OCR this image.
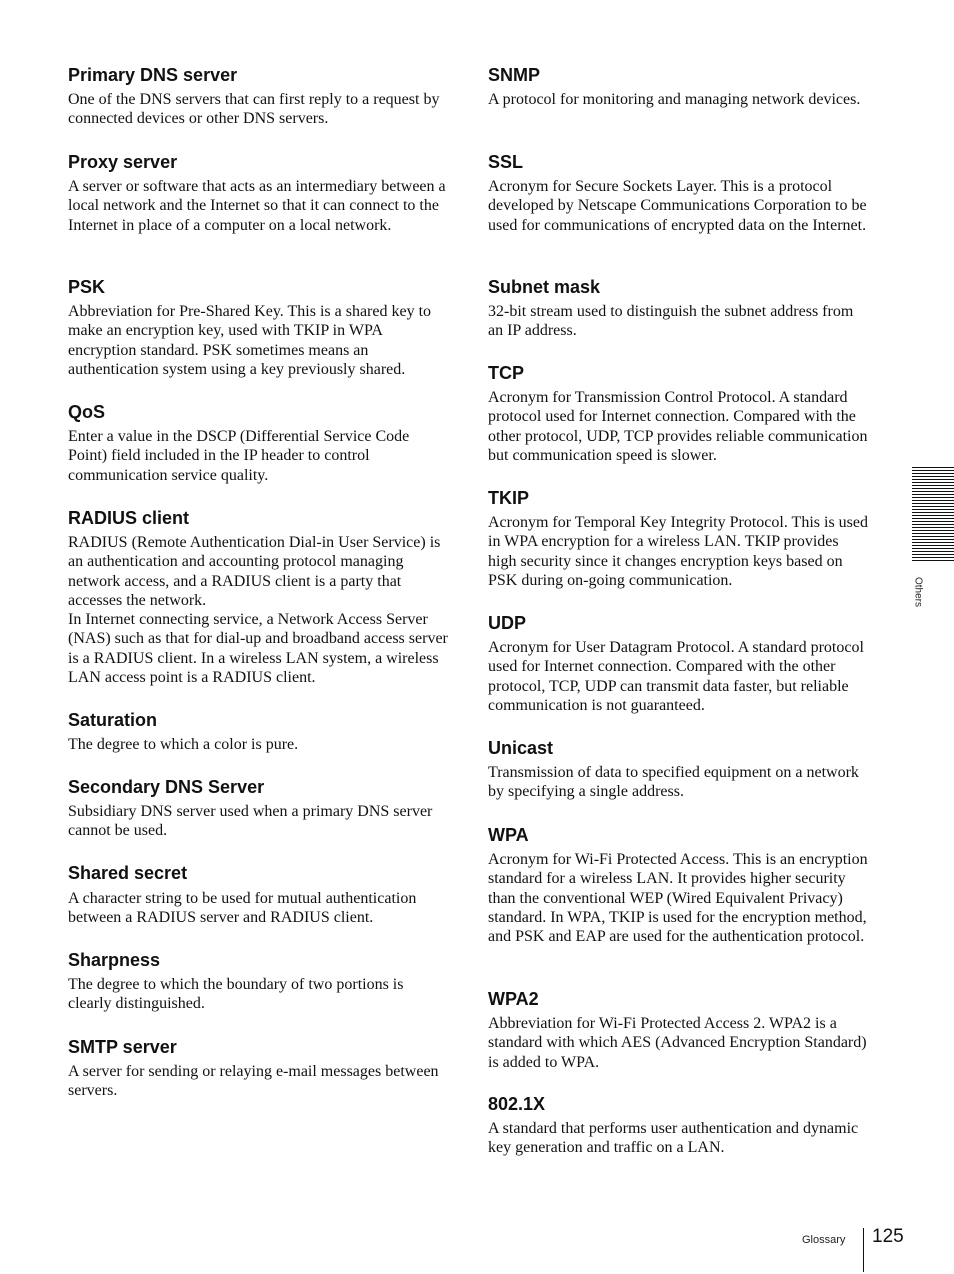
Primary DNS server
One of the DNS servers that can first reply to a request by connected devices or other DNS servers.
Proxy server
A server or software that acts as an intermediary between a local network and the Internet so that it can connect to the Internet in place of a computer on a local network.
PSK
Abbreviation for Pre-Shared Key. This is a shared key to make an encryption key, used with TKIP in WPA encryption standard. PSK sometimes means an authentication system using a key previously shared.
QoS
Enter a value in the DSCP (Differential Service Code Point) field included in the IP header to control communication service quality.
RADIUS client
RADIUS (Remote Authentication Dial-in User Service) is an authentication and accounting protocol managing network access, and a RADIUS client is a party that accesses the network.
In Internet connecting service, a Network Access Server (NAS) such as that for dial-up and broadband access server is a RADIUS client. In a wireless LAN system, a wireless LAN access point is a RADIUS client.
Saturation
The degree to which a color is pure.
Secondary DNS Server
Subsidiary DNS server used when a primary DNS server cannot be used.
Shared secret
A character string to be used for mutual authentication between a RADIUS server and RADIUS client.
Sharpness
The degree to which the boundary of two portions is clearly distinguished.
SMTP server
A server for sending or relaying e-mail messages between servers.
SNMP
A protocol for monitoring and managing network devices.
SSL
Acronym for Secure Sockets Layer. This is a protocol developed by Netscape Communications Corporation to be used for communications of encrypted data on the Internet.
Subnet mask
32-bit stream used to distinguish the subnet address from an IP address.
TCP
Acronym for Transmission Control Protocol. A standard protocol used for Internet connection. Compared with the other protocol, UDP, TCP provides reliable communication but communication speed is slower.
TKIP
Acronym for Temporal Key Integrity Protocol. This is used in WPA encryption for a wireless LAN. TKIP provides high security since it changes encryption keys based on PSK during on-going communication.
UDP
Acronym for User Datagram Protocol. A standard protocol used for Internet connection. Compared with the other protocol, TCP, UDP can transmit data faster, but reliable communication is not guaranteed.
Unicast
Transmission of data to specified equipment on a network by specifying a single address.
WPA
Acronym for Wi-Fi Protected Access. This is an encryption standard for a wireless LAN. It provides higher security than the conventional WEP (Wired Equivalent Privacy) standard. In WPA, TKIP is used for the encryption method, and PSK and EAP are used for the authentication protocol.
WPA2
Abbreviation for Wi-Fi Protected Access 2. WPA2 is a standard with which AES (Advanced Encryption Standard) is added to WPA.
802.1X
A standard that performs user authentication and dynamic key generation and traffic on a LAN.
Others
Glossary 125
